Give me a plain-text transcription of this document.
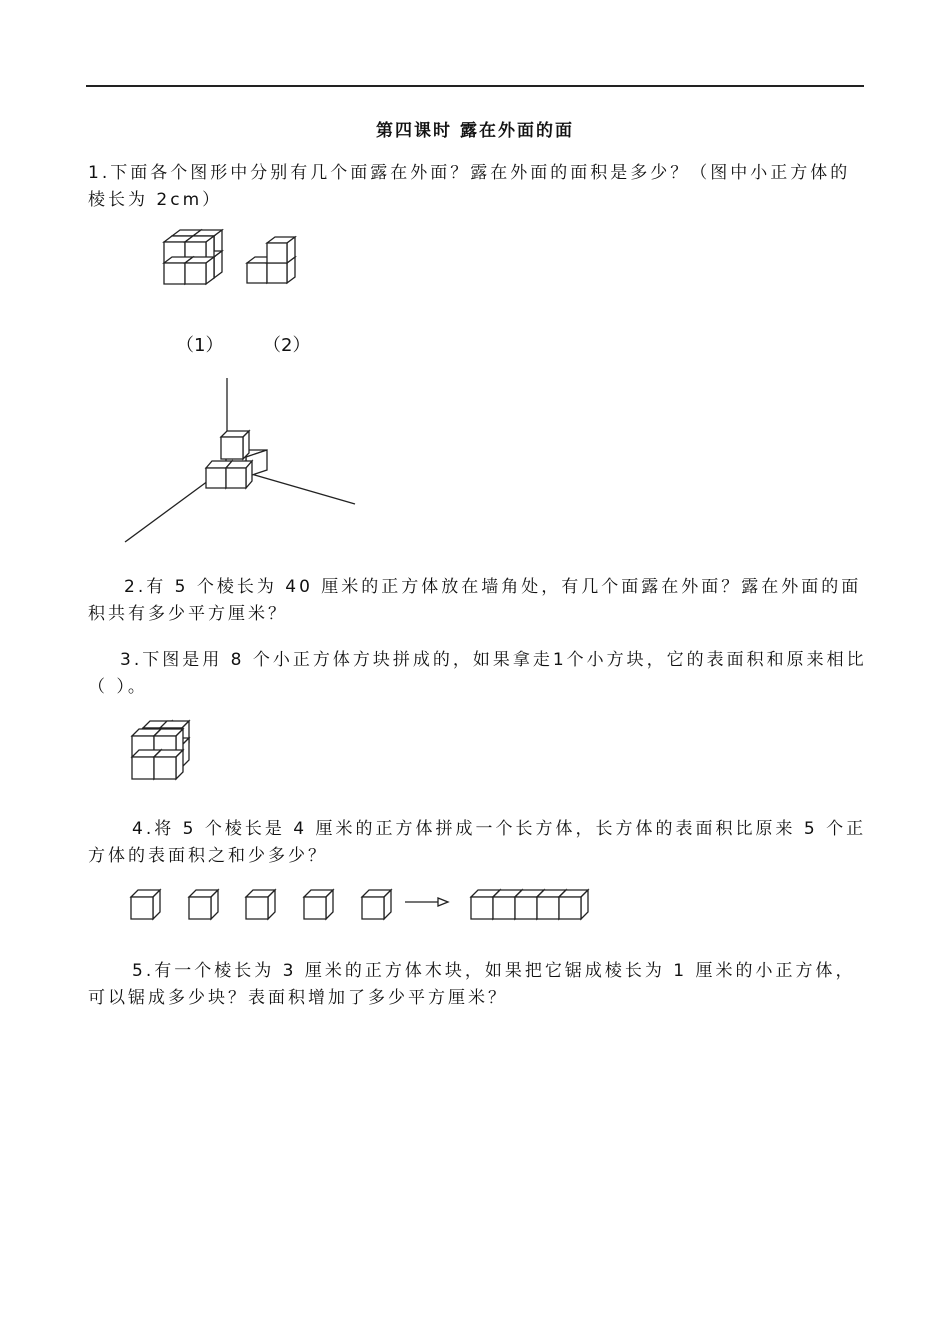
第四课时 露在外面的面

1.下面各个图形中分别有几个面露在外面？露在外面的面积是多少？（图中小正方体的棱长为 2cm）

2.有 5 个棱长为 40 厘米的正方体放在墙角处，有几个面露在外面？露在外面的面积共有多少平方厘米？

3.下图是用 8 个小正方体方块拼成的，如果拿走1个小方块，它的表面积和原来相比（ ）。

4.将 5 个棱长是 4 厘米的正方体拼成一个长方体，长方体的表面积比原来 5 个正方体的表面积之和少多少？

5.有一个棱长为 3 厘米的正方体木块，如果把它锯成棱长为 1 厘米的小正方体，可以锯成多少块？表面积增加了多少平方厘米？

（1） （2）
